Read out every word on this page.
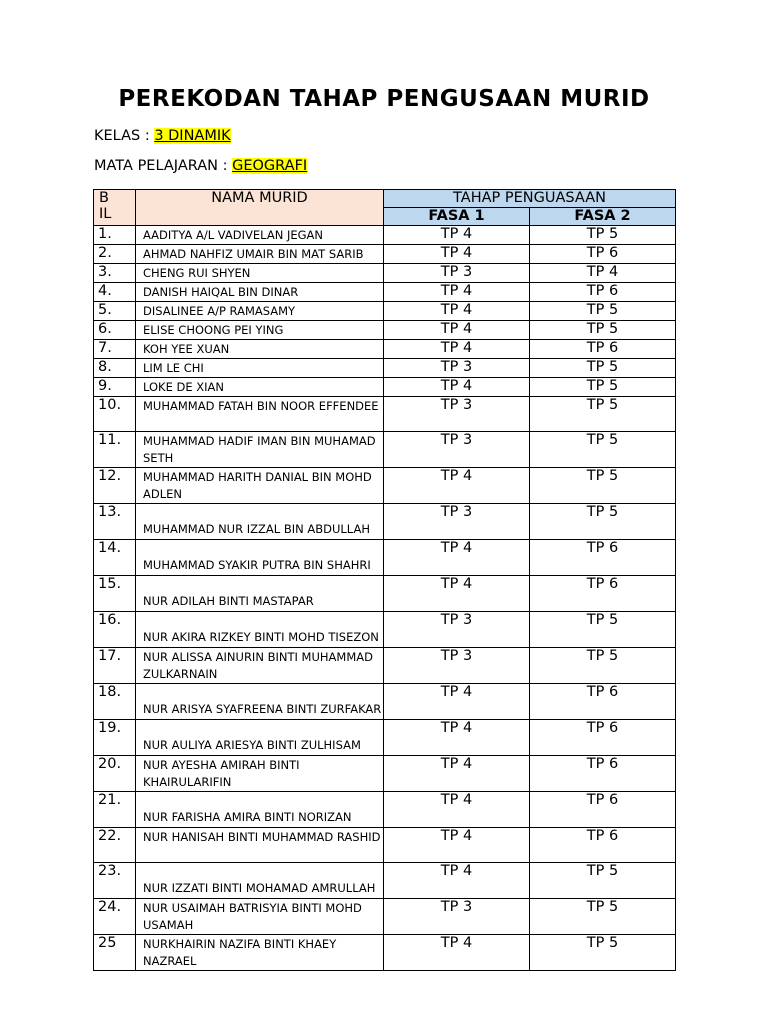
PEREKODAN TAHAP PENGUSAAN MURID
KELAS : 3 DINAMIK
MATA PELAJARAN : GEOGRAFI
BIL	NAMA MURID	TAHAP PENGUASAAN	
		FASA 1	FASA 2

1.	AADITYA A/L VADIVELAN JEGAN	TP 4	TP 5

2.	AHMAD NAHFIZ UMAIR BIN MAT SARIB	TP 4	TP 6

3.	CHENG RUI SHYEN	TP 3	TP 4

4.	DANISH HAIQAL BIN DINAR	TP 4	TP 6

5.	DISALINEE A/P RAMASAMY	TP 4	TP 5

6.	ELISE CHOONG PEI YING	TP 4	TP 5

7.	KOH YEE XUAN	TP 4	TP 6

8.	LIM LE CHI	TP 3	TP 5

9.	LOKE DE XIAN	TP 4	TP 5

10.	MUHAMMAD FATAH BIN NOOR EFFENDEE	TP 3	TP 5

11.	MUHAMMAD HADIF IMAN BIN MUHAMAD SETH	TP 3	TP 5

12.	MUHAMMAD HARITH DANIAL BIN MOHD ADLEN	TP 4	TP 5

13.	MUHAMMAD NUR IZZAL BIN ABDULLAH	TP 3	TP 5

14.	MUHAMMAD SYAKIR PUTRA BIN SHAHRI	TP 4	TP 6

15.	NUR ADILAH BINTI MASTAPAR	TP 4	TP 6

16.	NUR AKIRA RIZKEY BINTI MOHD TISEZON	TP 3	TP 5

17.	NUR ALISSA AINURIN BINTI MUHAMMAD ZULKARNAIN	TP 3	TP 5

18.	NUR ARISYA SYAFREENA BINTI ZURFAKAR	TP 4	TP 6

19.	NUR AULIYA ARIESYA BINTI ZULHISAM	TP 4	TP 6

20.	NUR AYESHA AMIRAH BINTI KHAIRULARIFIN	TP 4	TP 6

21.	NUR FARISHA AMIRA BINTI NORIZAN	TP 4	TP 6

22.	NUR HANISAH BINTI MUHAMMAD RASHID	TP 4	TP 6

23.	NUR IZZATI BINTI MOHAMAD AMRULLAH	TP 4	TP 5

24.	NUR USAIMAH BATRISYIA BINTI MOHD USAMAH	TP 3	TP 5

25	NURKHAIRIN NAZIFA BINTI KHAEY NAZRAEL	TP 4	TP 5
